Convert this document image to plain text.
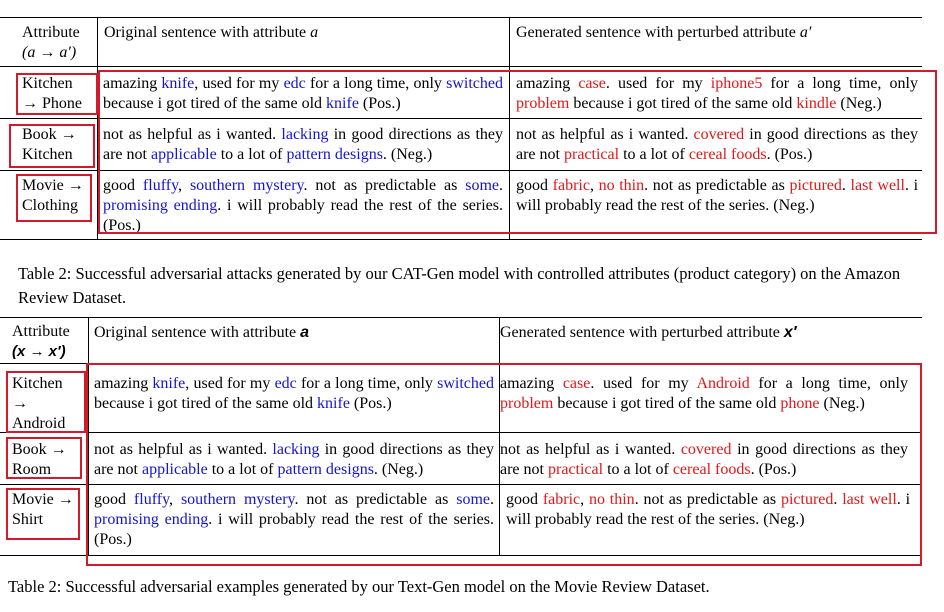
Attribute
(a → a′)
Original sentence with attribute a	Generated sentence with perturbed attribute a′
Kitchen
→ Phone
amazing knife, used for my edc for a long time, only switched because i got tired of the same old knife (Pos.)
amazing case. used for my iphone5 for a long time, only problem because i got tired of the same old kindle (Neg.)
Book →
Kitchen
not as helpful as i wanted. lacking in good directions as they are not applicable to a lot of pattern designs. (Neg.)
not as helpful as i wanted. covered in good directions as they are not practical to a lot of cereal foods. (Pos.)
Movie →
Clothing
good fluffy, southern mystery. not as predictable as some. promising ending. i will probably read the rest of the series. (Pos.)
good fabric, no thin. not as predictable as pictured. last well. i will probably read the rest of the series. (Neg.)
Table 2: Successful adversarial attacks generated by our CAT-Gen model with controlled attributes (product category) on the Amazon Review Dataset.
Attribute
(x → x′)
Original sentence with attribute a	Generated sentence with perturbed attribute x′
Kitchen
→
Android
amazing knife, used for my edc for a long time, only switched because i got tired of the same old knife (Pos.)
amazing case. used for my Android for a long time, only problem because i got tired of the same old phone (Neg.)
Book →
Room
not as helpful as i wanted. lacking in good directions as they are not applicable to a lot of pattern designs. (Neg.)
not as helpful as i wanted. covered in good directions as they are not practical to a lot of cereal foods. (Pos.)
Movie →
Shirt
good fluffy, southern mystery. not as predictable as some. promising ending. i will probably read the rest of the series. (Pos.)
good fabric, no thin. not as predictable as pictured. last well. i will probably read the rest of the series. (Neg.)
Table 2: Successful adversarial examples generated by our Text-Gen model on the Movie Review Dataset.
